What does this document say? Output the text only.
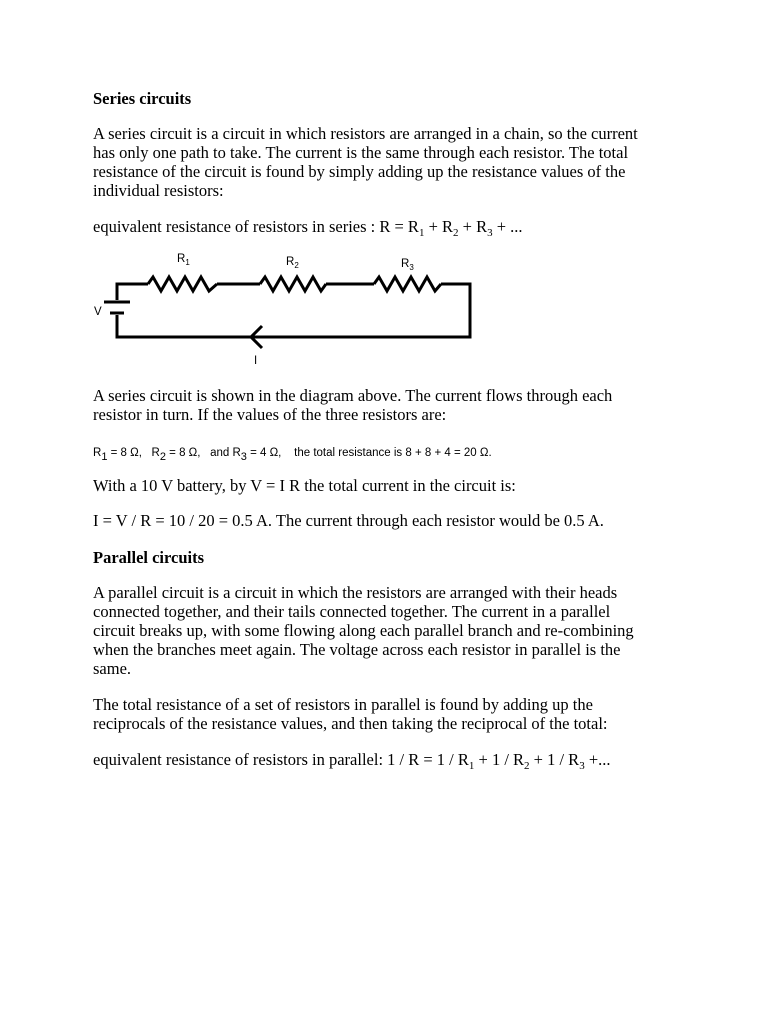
Series circuits

A series circuit is a circuit in which resistors are arranged in a chain, so the current
has only one path to take. The current is the same through each resistor. The total
resistance of the circuit is found by simply adding up the resistance values of the
individual resistors:

equivalent resistance of resistors in series : $R = R_1 + R_2 + R_3$ + ...

$R_1$	$R_2$	$R_3$
V
I

A series circuit is shown in the diagram above. The current flows through each
resistor in turn. If the values of the three resistors are:

$R_1 = 8$ Ω, $R_2 = 8$ Ω, and $R_3 = 4$ Ω, the total resistance is 8 + 8 + 4 = 20 Ω.

With a 10 V battery, by V = I R the total current in the circuit is:

I = V / R = 10 / 20 = 0.5 A. The current through each resistor would be 0.5 A.

Parallel circuits

A parallel circuit is a circuit in which the resistors are arranged with their heads
connected together, and their tails connected together. The current in a parallel
circuit breaks up, with some flowing along each parallel branch and re-combining
when the branches meet again. The voltage across each resistor in parallel is the
same.

The total resistance of a set of resistors in parallel is found by adding up the
reciprocals of the resistance values, and then taking the reciprocal of the total:

equivalent resistance of resistors in parallel: $1 / R = 1 / R_1 + 1 / R_2 + 1 / R_3$ +...
